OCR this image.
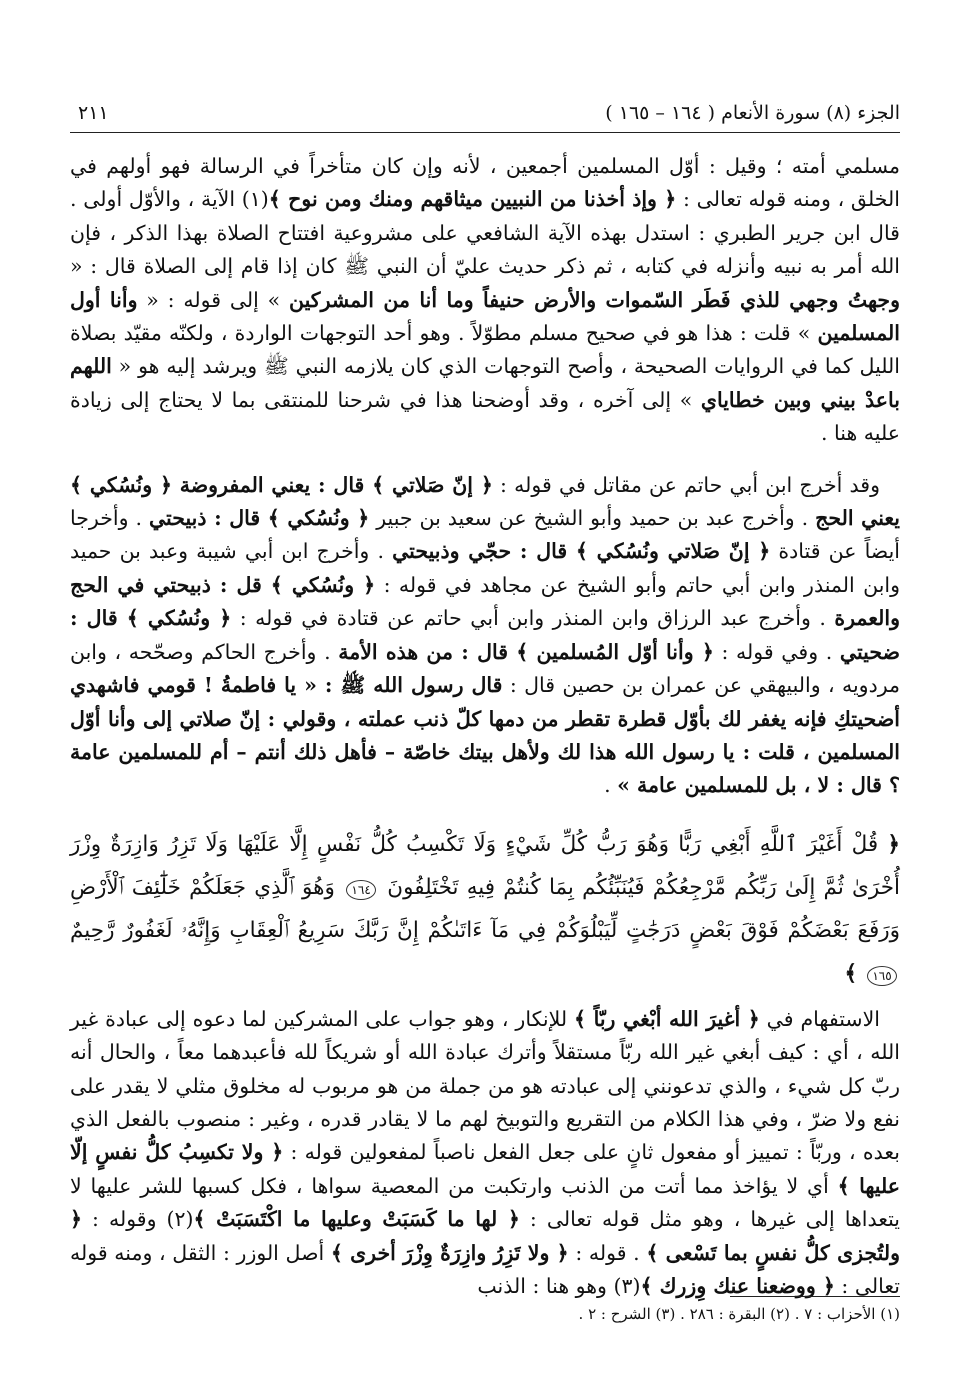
الجزء (٨) سورة الأنعام ( ١٦٤ – ١٦٥ )
٢١١

مسلمي أمته ؛ وقيل : أوّل المسلمين أجمعين ، لأنه وإن كان متأخراً في الرسالة فهو أولهم في الخلق ، ومنه قوله تعالى : ﴿ وإذ أخذنا من النبيين ميثاقهم ومنك ومن نوح ﴾(١) الآية ، والأوّل أولى . قال ابن جرير الطبري : استدل بهذه الآية الشافعي على مشروعية افتتاح الصلاة بهذا الذكر ، فإن الله أمر به نبيه وأنزله في كتابه ، ثم ذكر حديث عليّ أن النبي ﷺ كان إذا قام إلى الصلاة قال : « وجهتُ وجهي للذي فَطَر السّموات والأرض حنيفاً وما أنا من المشركين » إلى قوله : « وأنا أول المسلمين » قلت : هذا هو في صحيح مسلم مطوّلاً . وهو أحد التوجهات الواردة ، ولكنّه مقيّد بصلاة الليل كما في الروايات الصحيحة ، وأصح التوجهات الذي كان يلازمه النبي ﷺ ويرشد إليه هو « اللهم باعدْ بيني وبين خطاياي » إلى آخره ، وقد أوضحنا هذا في شرحنا للمنتقى بما لا يحتاج إلى زيادة عليه هنا .

وقد أخرج ابن أبي حاتم عن مقاتل في قوله : ﴿ إنّ صَلاتي ﴾ قال : يعني المفروضة ﴿ ونُسُكي ﴾ يعني الحج . وأخرج عبد بن حميد وأبو الشيخ عن سعيد بن جبير ﴿ ونُسُكي ﴾ قال : ذبيحتي . وأخرجا أيضاً عن قتادة ﴿ إنّ صَلاتي ونُسُكي ﴾ قال : حجّي وذبيحتي . وأخرج ابن أبي شيبة وعبد بن حميد وابن المنذر وابن أبي حاتم وأبو الشيخ عن مجاهد في قوله : ﴿ ونُسُكي ﴾ قل : ذبيحتي في الحج والعمرة . وأخرج عبد الرزاق وابن المنذر وابن أبي حاتم عن قتادة في قوله : ﴿ ونُسُكي ﴾ قال : ضحيتي . وفي قوله : ﴿ وأنا أوّل المُسلمين ﴾ قال : من هذه الأمة . وأخرج الحاكم وصحّحه ، وابن مردويه ، والبيهقي عن عمران بن حصين قال : قال رسول الله ﷺ : « يا فاطمةُ ! قومي فاشهدي أضحيتكِ فإنه يغفر لك بأوّل قطرة تقطر من دمها كلّ ذنب عملته ، وقولي : إنّ صلاتي إلى وأنا أوّل المسلمين ، قلت : يا رسول الله هذا لك ولأهل بيتك خاصّة – فأهل ذلك أنتم – أم للمسلمين عامة ؟ قال : لا ، بل للمسلمين عامة » .

﴿ قُلْ أَغَيْرَ ٱللَّهِ أَبْغِي رَبًّا وَهُوَ رَبُّ كُلِّ شَيْءٍ وَلَا تَكْسِبُ كُلُّ نَفْسٍ إِلَّا عَلَيْهَا وَلَا تَزِرُ وَازِرَةٌ وِزْرَ أُخْرَىٰ ثُمَّ إِلَىٰ رَبِّكُم مَّرْجِعُكُمْ فَيُنَبِّئُكُم بِمَا كُنتُمْ فِيهِ تَخْتَلِفُونَ ١٦٤ وَهُوَ ٱلَّذِي جَعَلَكُمْ خَلَٰٓئِفَ ٱلْأَرْضِ وَرَفَعَ بَعْضَكُمْ فَوْقَ بَعْضٍ دَرَجَٰتٍ لِّيَبْلُوَكُمْ فِي مَآ ءَاتَىٰكُمْ إِنَّ رَبَّكَ سَرِيعُ ٱلْعِقَابِ وَإِنَّهُۥ لَغَفُورٌ رَّحِيمٌ ١٦٥ ﴾

الاستفهام في ﴿ أغيرَ الله أبْغي ربّاً ﴾ للإنكار ، وهو جواب على المشركين لما دعوه إلى عبادة غير الله ، أي : كيف أبغي غير الله ربّاً مستقلاً وأترك عبادة الله أو شريكاً لله فأعبدهما معاً ، والحال أنه ربّ كل شيء ، والذي تدعونني إلى عبادته هو من جملة من هو مربوب له مخلوق مثلي لا يقدر على نفع ولا ضرّ ، وفي هذا الكلام من التقريع والتوبيخ لهم ما لا يقادر قدره ، وغير : منصوب بالفعل الذي بعده ، وربّاً : تمييز أو مفعول ثانٍ على جعل الفعل ناصباً لمفعولين قوله : ﴿ ولا تكسِبُ كلُّ نفسٍ إلّا عليها ﴾ أي لا يؤاخذ مما أتت من الذنب وارتكبت من المعصية سواها ، فكل كسبها للشر عليها لا يتعداها إلى غيرها ، وهو مثل قوله تعالى : ﴿ لها ما كَسَبَتْ وعليها ما اكْتَسَبَتْ ﴾(٢) وقوله : ﴿ ولتُجزى كلُّ نفسٍ بما تَسْعى ﴾ . قوله : ﴿ ولا تَزِرُ وازِرَةٌ وِزْرَ أخرى ﴾ أصل الوزر : الثقل ، ومنه قوله تعالى : ﴿ ووضعنا عنك وِزرك ﴾(٣) وهو هنا : الذنب

(١) الأحزاب : ٧ . (٢) البقرة : ٢٨٦ . (٣) الشرح : ٢ .
